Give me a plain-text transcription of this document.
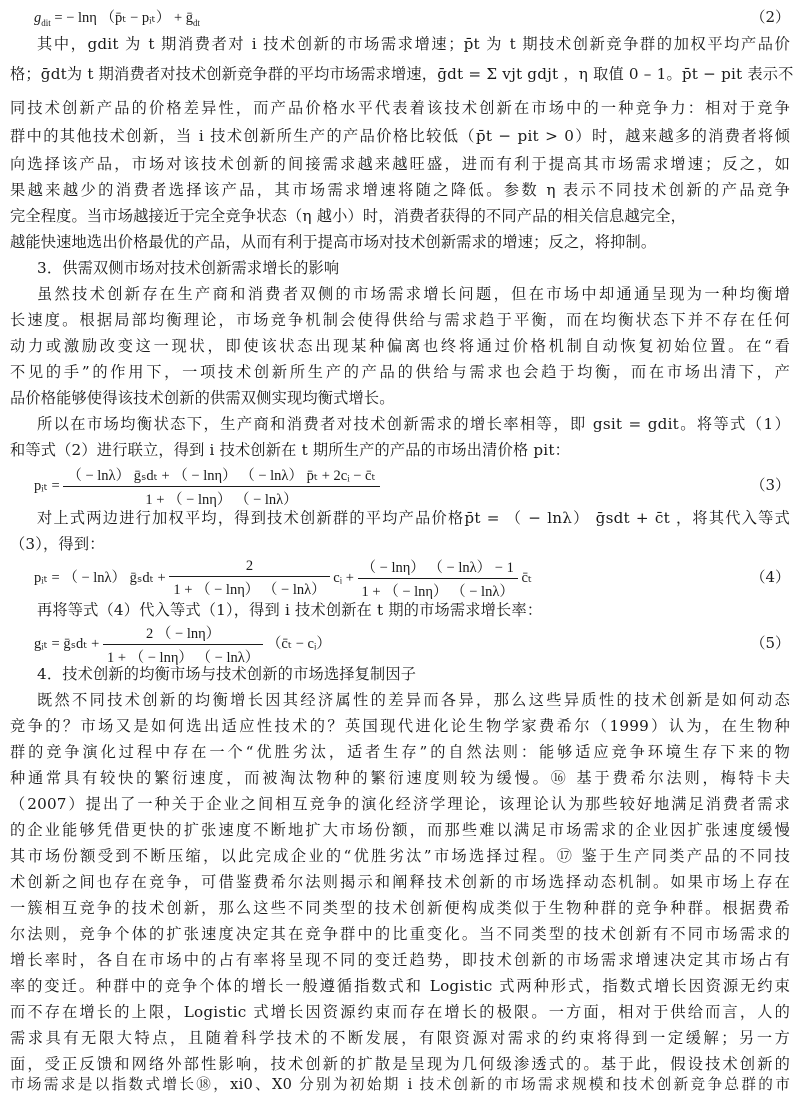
$g_{dit}$ = − lnη （p̄ₜ − pᵢₜ） + ḡ$_{dt}$	（2）
其中，gdit 为 t 期消费者对 i 技术创新的市场需求增速；p̄t 为 t 期技术创新竞争群的加权平均产品价
格；ḡdt为 t 期消费者对技术创新竞争群的平均市场需求增速，ḡdt = Σ vjt gdjt ，η 取值 0 – 1。p̄t − pit 表示不
同技术创新产品的价格差异性，而产品价格水平代表着该技术创新在市场中的一种竞争力：相对于竞争
群中的其他技术创新，当 i 技术创新所生产的产品价格比较低（p̄t − pit > 0）时，越来越多的消费者将倾
向选择该产品，市场对该技术创新的间接需求越来越旺盛，进而有利于提高其市场需求增速；反之，如
果越来越少的消费者选择该产品，其市场需求增速将随之降低。参数 η 表示不同技术创新的产品竞争
完全程度。当市场越接近于完全竞争状态（η 越小）时，消费者获得的不同产品的相关信息越完全，
越能快速地选出价格最优的产品，从而有利于提高市场对技术创新需求的增速；反之，将抑制。
3．供需双侧市场对技术创新需求增长的影响
虽然技术创新存在生产商和消费者双侧的市场需求增长问题，但在市场中却通通呈现为一种均衡增
长速度。根据局部均衡理论，市场竞争机制会使得供给与需求趋于平衡，而在均衡状态下并不存在任何
动力或激励改变这一现状，即使该状态出现某种偏离也终将通过价格机制自动恢复初始位置。在“看
不见的手”的作用下，一项技术创新所生产的产品的供给与需求也会趋于均衡，而在市场出清下，产
品价格能够使得该技术创新的供需双侧实现均衡式增长。
所以在市场均衡状态下，生产商和消费者对技术创新需求的增长率相等，即 gsit = gdit。将等式（1）
和等式（2）进行联立，得到 i 技术创新在 t 期所生产的产品的市场出清价格 pit：
pᵢₜ = $\frac{\text{（ − lnλ） ḡₛdₜ + （ − lnη） （ − lnλ） p̄ₜ + 2cᵢ − c̄ₜ}}{1 + ( - \ln\eta) ( - \ln\lambda)}$	（3）
对上式两边进行加权平均，得到技术创新群的平均产品价格p̄t = （ − lnλ） ḡsdt + c̄t ，将其代入等式
（3），得到：
pᵢₜ = （ − lnλ） ḡₛdₜ + $\frac{2}{1 + ( - \ln\eta) ( - \ln\lambda)}$ cᵢ + $\frac{( - \ln\eta) ( - \ln\lambda) - 1}{1 + ( - \ln\eta) ( - \ln\lambda)}$ c̄ₜ	（4）
再将等式（4）代入等式（1），得到 i 技术创新在 t 期的市场需求增长率：
gᵢₜ = ḡₛdₜ + $\frac{2 ( - \ln\eta)}{1 + ( - \ln\eta) ( - \ln\lambda)}$ （c̄ₜ − cᵢ）	（5）
4．技术创新的均衡市场与技术创新的市场选择复制因子
既然不同技术创新的均衡增长因其经济属性的差异而各异，那么这些异质性的技术创新是如何动态
竞争的？市场又是如何选出适应性技术的？英国现代进化论生物学家费希尔（1999）认为，在生物种
群的竞争演化过程中存在一个“优胜劣汰，适者生存”的自然法则：能够适应竞争环境生存下来的物
种通常具有较快的繁衍速度，而被淘汰物种的繁衍速度则较为缓慢。⑯ 基于费希尔法则，梅特卡夫
（2007）提出了一种关于企业之间相互竞争的演化经济学理论，该理论认为那些较好地满足消费者需求
的企业能够凭借更快的扩张速度不断地扩大市场份额，而那些难以满足市场需求的企业因扩张速度缓慢
其市场份额受到不断压缩，以此完成企业的“优胜劣汰”市场选择过程。⑰ 鉴于生产同类产品的不同技
术创新之间也存在竞争，可借鉴费希尔法则揭示和阐释技术创新的市场选择动态机制。如果市场上存在
一簇相互竞争的技术创新，那么这些不同类型的技术创新便构成类似于生物种群的竞争种群。根据费希
尔法则，竞争个体的扩张速度决定其在竞争群中的比重变化。当不同类型的技术创新有不同市场需求的
增长率时，各自在市场中的占有率将呈现不同的变迁趋势，即技术创新的市场需求增速决定其市场占有
率的变迁。种群中的竞争个体的增长一般遵循指数式和 Logistic 式两种形式，指数式增长因资源无约束
而不存在增长的上限，Logistic 式增长因资源约束而存在增长的极限。一方面，相对于供给而言，人的
需求具有无限大特点，且随着科学技术的不断发展，有限资源对需求的约束将得到一定缓解；另一方
面，受正反馈和网络外部性影响，技术创新的扩散是呈现为几何级渗透式的。基于此，假设技术创新的
市场需求是以指数式增长⑱，xi0、X0 分别为初始期 i 技术创新的市场需求规模和技术创新竞争总群的市
